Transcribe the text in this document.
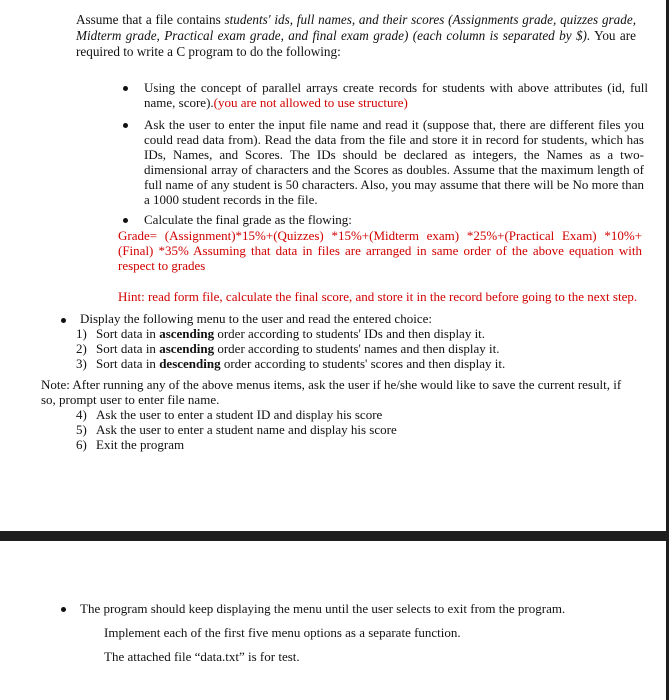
Assume that a file contains students' ids, full names, and their scores (Assignments grade, quizzes grade, Midterm grade, Practical exam grade, and final exam grade) (each column is separated by $). You are required to write a C program to do the following:
Using the concept of parallel arrays create records for students with above attributes (id, full name, score).(you are not allowed to use structure)
Ask the user to enter the input file name and read it (suppose that, there are different files you could read data from). Read the data from the file and store it in record for students, which has IDs, Names, and Scores. The IDs should be declared as integers, the Names as a two-dimensional array of characters and the Scores as doubles. Assume that the maximum length of full name of any student is 50 characters. Also, you may assume that there will be No more than a 1000 student records in the file.
Calculate the final grade as the flowing:
Grade= (Assignment)*15%+(Quizzes) *15%+(Midterm exam) *25%+(Practical Exam) *10%+(Final) *35% Assuming that data in files are arranged in same order of the above equation with respect to grades
Hint: read form file, calculate the final score, and store it in the record before going to the next step.
Display the following menu to the user and read the entered choice:
1) Sort data in ascending order according to students' IDs and then display it.
2) Sort data in ascending order according to students' names and then display it.
3) Sort data in descending order according to students' scores and then display it.
Note: After running any of the above menus items, ask the user if he/she would like to save the current result, if so, prompt user to enter file name.
4) Ask the user to enter a student ID and display his score
5) Ask the user to enter a student name and display his score
6) Exit the program
The program should keep displaying the menu until the user selects to exit from the program.
Implement each of the first five menu options as a separate function.
The attached file “data.txt” is for test.
